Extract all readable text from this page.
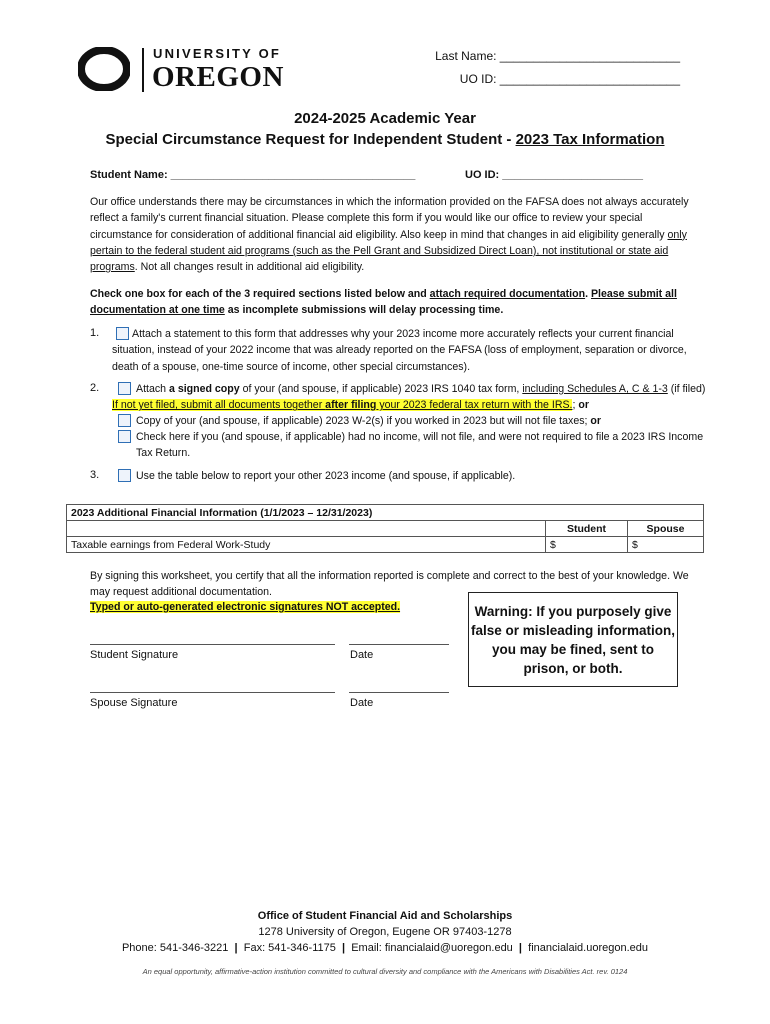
UNIVERSITY OF
OREGON
Last Name: ___________________________
UO ID: ___________________________
2024-2025 Academic Year
Special Circumstance Request for Independent Student - 2023 Tax Information
Student Name: ________________________________________	UO ID: _______________________
Our office understands there may be circumstances in which the information provided on the FAFSA does not always accurately reflect a family's current financial situation. Please complete this form if you would like our office to review your special circumstance for consideration of additional financial aid eligibility. Also keep in mind that changes in aid eligibility generally only pertain to the federal student aid programs (such as the Pell Grant and Subsidized Direct Loan), not institutional or state aid programs. Not all changes result in additional aid eligibility.
Check one box for each of the 3 required sections listed below and attach required documentation. Please submit all documentation at one time as incomplete submissions will delay processing time.
1.	Attach a statement to this form that addresses why your 2023 income more accurately reflects your current financial situation, instead of your 2022 income that was already reported on the FAFSA (loss of employment, separation or divorce, death of a spouse, one-time source of income, other special circumstances).
2.	Attach a signed copy of your (and spouse, if applicable) 2023 IRS 1040 tax form, including Schedules A, C & 1-3 (if filed) If not yet filed, submit all documents together after filing your 2023 federal tax return with the IRS.; or
Copy of your (and spouse, if applicable) 2023 W-2(s) if you worked in 2023 but will not file taxes; or
Check here if you (and spouse, if applicable) had no income, will not file, and were not required to file a 2023 IRS Income Tax Return.
3.	Use the table below to report your other 2023 income (and spouse, if applicable).
2023 Additional Financial Information (1/1/2023 – 12/31/2023)		
	Student	Spouse
Taxable earnings from Federal Work-Study	$	$
By signing this worksheet, you certify that all the information reported is complete and correct to the best of your knowledge. We may request additional documentation.
Typed or auto-generated electronic signatures NOT accepted.	Warning: If you purposely give false or misleading information, you may be fined, sent to prison, or both.
Student Signature	Date
Spouse Signature	Date
Office of Student Financial Aid and Scholarships
1278 University of Oregon, Eugene OR 97403-1278
Phone: 541-346-3221  |  Fax: 541-346-1175  |  Email: financialaid@uoregon.edu  |  financialaid.uoregon.edu
An equal opportunity, affirmative-action institution committed to cultural diversity and compliance with the Americans with Disabilities Act. rev. 0124
